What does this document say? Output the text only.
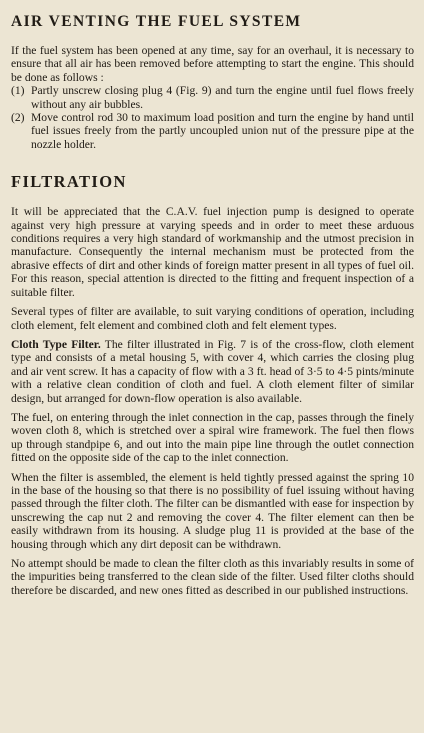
AIR VENTING THE FUEL SYSTEM

If the fuel system has been opened at any time, say for an overhaul, it is necessary to ensure that all air has been removed before attempting to start the engine. This should be done as follows :

(1) Partly unscrew closing plug 4 (Fig. 9) and turn the engine until fuel flows freely without any air bubbles.
(2) Move control rod 30 to maximum load position and turn the engine by hand until fuel issues freely from the partly uncoupled union nut of the pressure pipe at the nozzle holder.
FILTRATION

It will be appreciated that the C.A.V. fuel injection pump is designed to operate against very high pressure at varying speeds and in order to meet these arduous conditions requires a very high standard of workmanship and the utmost precision in manufacture. Consequently the internal mechanism must be protected from the abrasive effects of dirt and other kinds of foreign matter present in all types of fuel oil. For this reason, special attention is directed to the fitting and frequent inspection of a suitable filter.

Several types of filter are available, to suit varying conditions of operation, including cloth element, felt element and combined cloth and felt element types.

Cloth Type Filter. The filter illustrated in Fig. 7 is of the cross-flow, cloth element type and consists of a metal housing 5, with cover 4, which carries the closing plug and air vent screw. It has a capacity of flow with a 3 ft. head of 3·5 to 4·5 pints/minute with a relative clean condition of cloth and fuel. A cloth element filter of similar design, but arranged for down-flow operation is also available.

The fuel, on entering through the inlet connection in the cap, passes through the finely woven cloth 8, which is stretched over a spiral wire framework. The fuel then flows up through standpipe 6, and out into the main pipe line through the outlet connection fitted on the opposite side of the cap to the inlet connection.

When the filter is assembled, the element is held tightly pressed against the spring 10 in the base of the housing so that there is no possibility of fuel issuing without having passed through the filter cloth. The filter can be dismantled with ease for inspection by unscrewing the cap nut 2 and removing the cover 4. The filter element can then be easily withdrawn from its housing. A sludge plug 11 is provided at the base of the housing through which any dirt deposit can be withdrawn.

No attempt should be made to clean the filter cloth as this invariably results in some of the impurities being transferred to the clean side of the filter. Used filter cloths should therefore be discarded, and new ones fitted as described in our published instructions.
